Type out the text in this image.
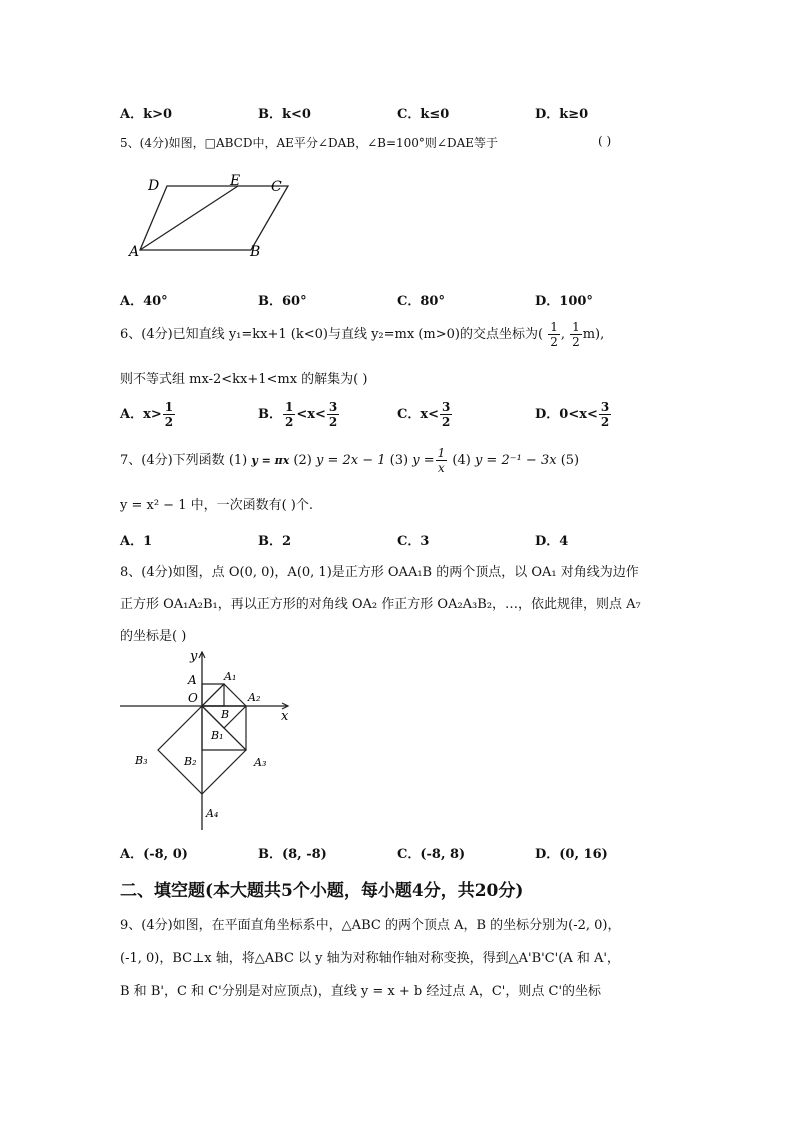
A．k>0	B．k<0	C．k≤0	D．k≥0
5、(4分)如图，□ABCD中，AE平分∠DAB，∠B=100°则∠DAE等于	( )
D	E C
A	B
A．40°	B．60°	C．80°	D．100°
6、(4分)已知直线 y₁=kx+1 (k<0)与直线 y₂=mx (m>0)的交点坐标为( $\frac{1}{2}$ , $\frac{1}{2} m$),
则不等式组 mx-2<kx+1<mx 的解集为( )
A．$x> \frac{1}{2}$	B． $\frac{1}{2} <x< \frac{3}{2}$	C．$x< \frac{3}{2}$	D．$0<x< \frac{3}{2}$
7、(4分)下列函数 (1) y = πx (2) y = 2x − 1 (3) $y = \frac{1}{x} (4) y = 2^{-1} - 3x$ (5)
y = x² − 1 中，一次函数有( )个.
A．1	B．2	C．3	D．4
8、(4分)如图，点 O(0, 0)，A(0, 1)是正方形 OAA₁B 的两个顶点，以 OA₁ 对角线为边作
正方形 OA₁A₂B₁，再以正方形的对角线 OA₂ 作正方形 OA₂A₃B₂，…，依此规律，则点 A₇
的坐标是( )
y
x
A
O
A₁
A₂
B
B₁
B₂
B₃	A₃
A₄
A．(-8, 0)	B．(8, -8)	C．(-8, 8)	D．(0, 16)
二、填空题(本大题共5个小题，每小题4分，共20分)
9、(4分)如图，在平面直角坐标系中，△ABC 的两个顶点 A，B 的坐标分别为(-2, 0)，
(-1, 0)，BC⊥x 轴，将△ABC 以 y 轴为对称轴作轴对称变换，得到△A'B'C'(A 和 A'，
B 和 B'，C 和 C'分别是对应顶点)，直线 y = x + b 经过点 A，C'，则点 C'的坐标
